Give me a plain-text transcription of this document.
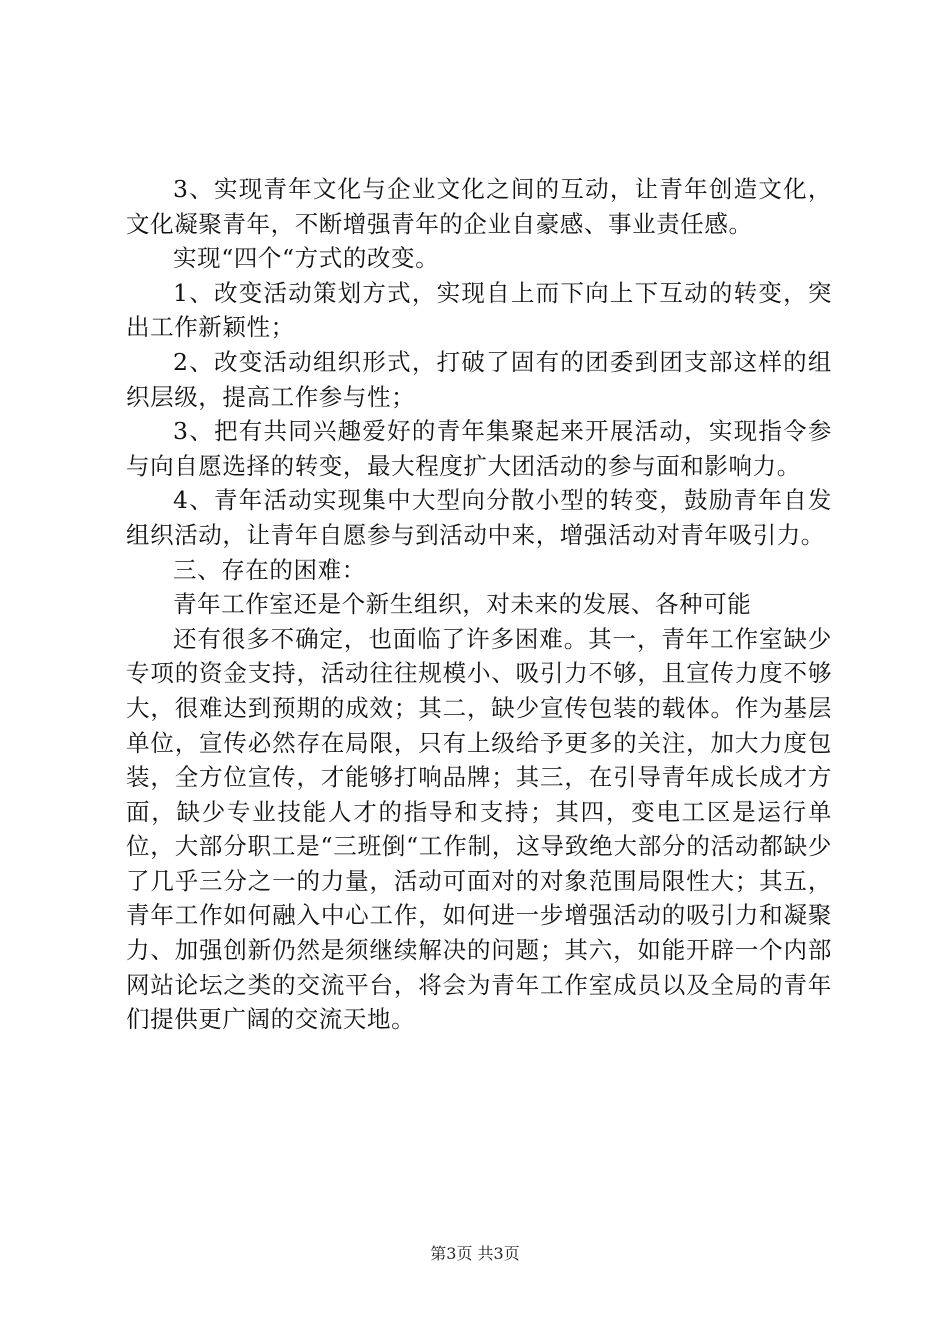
3、实现青年文化与企业文化之间的互动，让青年创造文化，文化凝聚青年，不断增强青年的企业自豪感、事业责任感。

实现“四个“方式的改变。

1、改变活动策划方式，实现自上而下向上下互动的转变，突出工作新颖性；

2、改变活动组织形式，打破了固有的团委到团支部这样的组织层级，提高工作参与性；

3、把有共同兴趣爱好的青年集聚起来开展活动，实现指令参与向自愿选择的转变，最大程度扩大团活动的参与面和影响力。

4、青年活动实现集中大型向分散小型的转变，鼓励青年自发组织活动，让青年自愿参与到活动中来，增强活动对青年吸引力。

三、存在的困难：

青年工作室还是个新生组织，对未来的发展、各种可能

还有很多不确定，也面临了许多困难。其一，青年工作室缺少专项的资金支持，活动往往规模小、吸引力不够，且宣传力度不够大，很难达到预期的成效；其二，缺少宣传包装的载体。作为基层单位，宣传必然存在局限，只有上级给予更多的关注，加大力度包装，全方位宣传，才能够打响品牌；其三，在引导青年成长成才方面，缺少专业技能人才的指导和支持；其四，变电工区是运行单位，大部分职工是“三班倒“工作制，这导致绝大部分的活动都缺少了几乎三分之一的力量，活动可面对的对象范围局限性大；其五，青年工作如何融入中心工作，如何进一步增强活动的吸引力和凝聚力、加强创新仍然是须继续解决的问题；其六，如能开辟一个内部网站论坛之类的交流平台，将会为青年工作室成员以及全局的青年们提供更广阔的交流天地。

第3页 共3页
